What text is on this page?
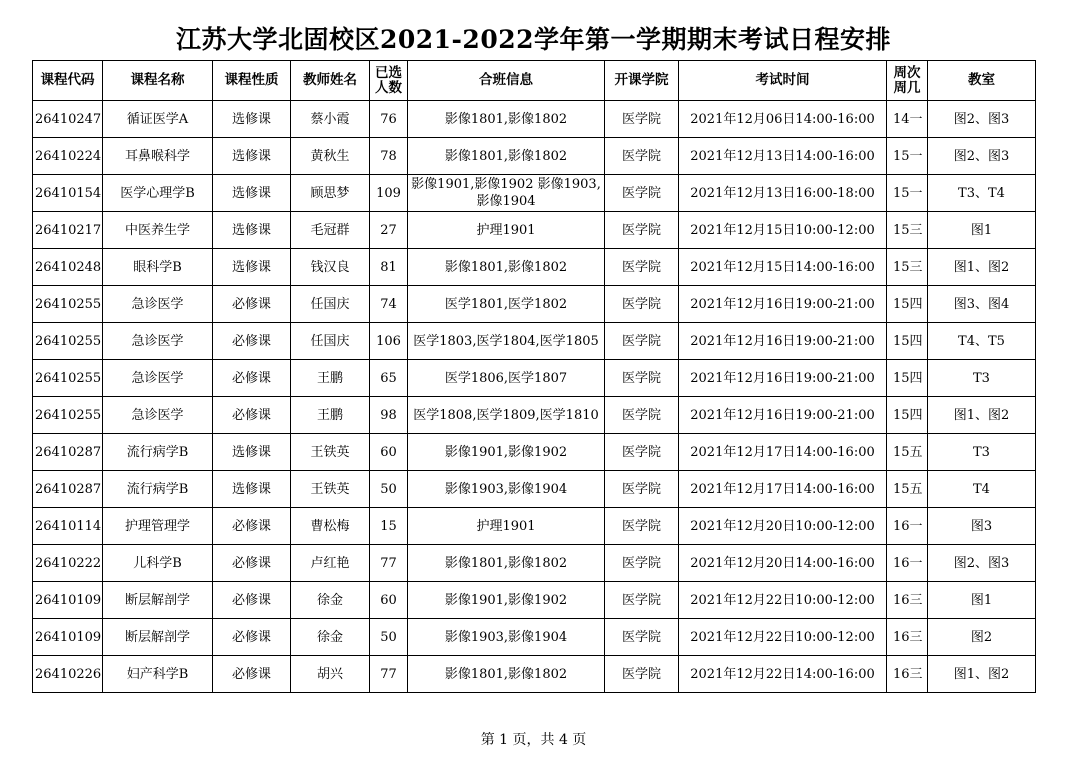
江苏大学北固校区2021-2022学年第一学期期末考试日程安排
课程代码	课程名称	课程性质	教师姓名	已选人数	合班信息	开课学院	考试时间	周次周几	教室
26410247	循证医学A	选修课	蔡小霞	76	影像1801,影像1802	医学院	2021年12月06日14:00-16:00	14一	图2、图3
26410224	耳鼻喉科学	选修课	黄秋生	78	影像1801,影像1802	医学院	2021年12月13日14:00-16:00	15一	图2、图3
26410154	医学心理学B	选修课	顾思梦	109	影像1901,影像1902 影像1903,影像1904	医学院	2021年12月13日16:00-18:00	15一	T3、T4
26410217	中医养生学	选修课	毛冠群	27	护理1901	医学院	2021年12月15日10:00-12:00	15三	图1
26410248	眼科学B	选修课	钱汉良	81	影像1801,影像1802	医学院	2021年12月15日14:00-16:00	15三	图1、图2
26410255	急诊医学	必修课	任国庆	74	医学1801,医学1802	医学院	2021年12月16日19:00-21:00	15四	图3、图4
26410255	急诊医学	必修课	任国庆	106	医学1803,医学1804,医学1805	医学院	2021年12月16日19:00-21:00	15四	T4、T5
26410255	急诊医学	必修课	王鹏	65	医学1806,医学1807	医学院	2021年12月16日19:00-21:00	15四	T3
26410255	急诊医学	必修课	王鹏	98	医学1808,医学1809,医学1810	医学院	2021年12月16日19:00-21:00	15四	图1、图2
26410287	流行病学B	选修课	王铁英	60	影像1901,影像1902	医学院	2021年12月17日14:00-16:00	15五	T3
26410287	流行病学B	选修课	王铁英	50	影像1903,影像1904	医学院	2021年12月17日14:00-16:00	15五	T4
26410114	护理管理学	必修课	曹松梅	15	护理1901	医学院	2021年12月20日10:00-12:00	16一	图3
26410222	儿科学B	必修课	卢红艳	77	影像1801,影像1802	医学院	2021年12月20日14:00-16:00	16一	图2、图3
26410109	断层解剖学	必修课	徐金	60	影像1901,影像1902	医学院	2021年12月22日10:00-12:00	16三	图1
26410109	断层解剖学	必修课	徐金	50	影像1903,影像1904	医学院	2021年12月22日10:00-12:00	16三	图2
26410226	妇产科学B	必修课	胡兴	77	影像1801,影像1802	医学院	2021年12月22日14:00-16:00	16三	图1、图2
第 1 页，共 4 页
